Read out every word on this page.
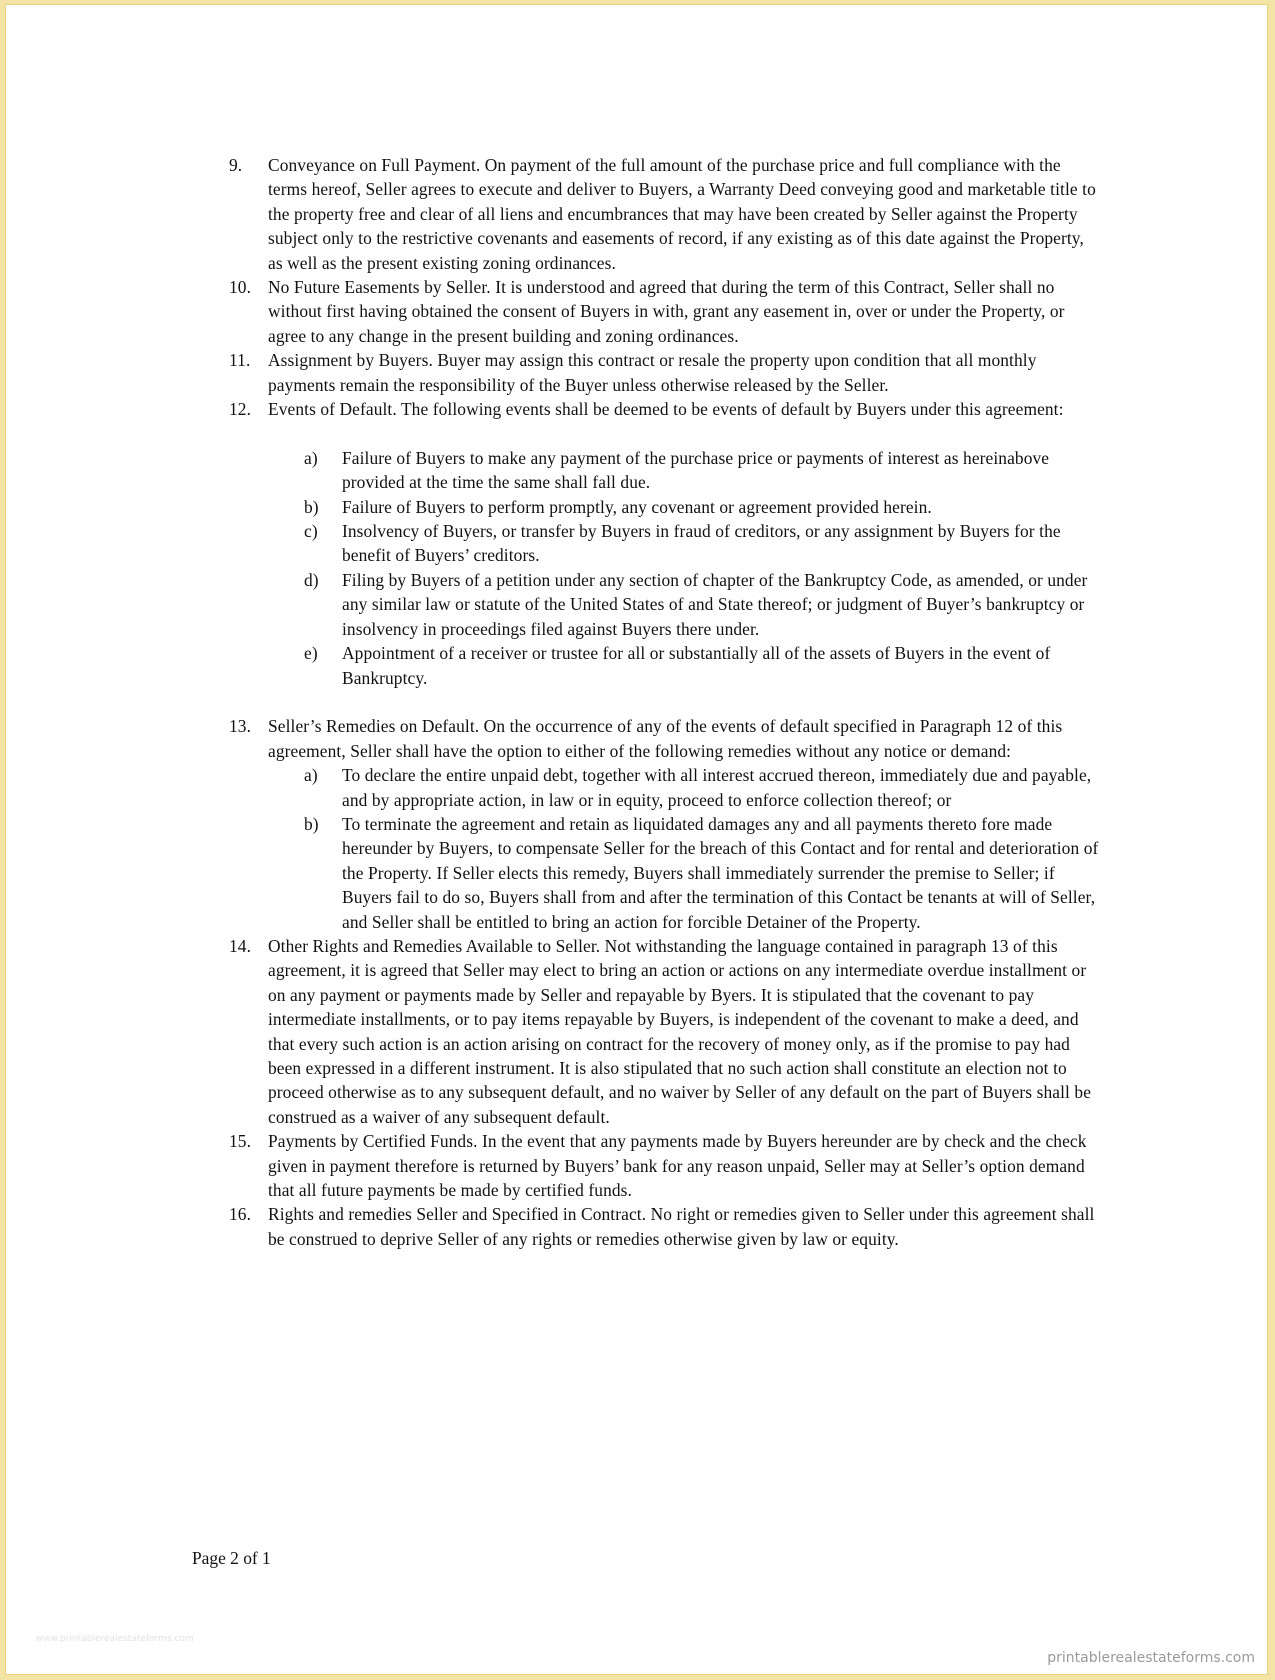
9. Conveyance on Full Payment. On payment of the full amount of the purchase price and full compliance with the terms hereof, Seller agrees to execute and deliver to Buyers, a Warranty Deed conveying good and marketable title to the property free and clear of all liens and encumbrances that may have been created by Seller against the Property subject only to the restrictive covenants and easements of record, if any existing as of this date against the Property, as well as the present existing zoning ordinances.
10. No Future Easements by Seller. It is understood and agreed that during the term of this Contract, Seller shall no without first having obtained the consent of Buyers in with, grant any easement in, over or under the Property, or agree to any change in the present building and zoning ordinances.
11. Assignment by Buyers. Buyer may assign this contract or resale the property upon condition that all monthly payments remain the responsibility of the Buyer unless otherwise released by the Seller.
12. Events of Default. The following events shall be deemed to be events of default by Buyers under this agreement:
a) Failure of Buyers to make any payment of the purchase price or payments of interest as hereinabove provided at the time the same shall fall due.
b) Failure of Buyers to perform promptly, any covenant or agreement provided herein.
c) Insolvency of Buyers, or transfer by Buyers in fraud of creditors, or any assignment by Buyers for the benefit of Buyers’ creditors.
d) Filing by Buyers of a petition under any section of chapter of the Bankruptcy Code, as amended, or under any similar law or statute of the United States of and State thereof; or judgment of Buyer’s bankruptcy or insolvency in proceedings filed against Buyers there under.
e) Appointment of a receiver or trustee for all or substantially all of the assets of Buyers in the event of Bankruptcy.
13. Seller’s Remedies on Default. On the occurrence of any of the events of default specified in Paragraph 12 of this agreement, Seller shall have the option to either of the following remedies without any notice or demand:
a) To declare the entire unpaid debt, together with all interest accrued thereon, immediately due and payable, and by appropriate action, in law or in equity, proceed to enforce collection thereof; or
b) To terminate the agreement and retain as liquidated damages any and all payments thereto fore made hereunder by Buyers, to compensate Seller for the breach of this Contact and for rental and deterioration of the Property. If Seller elects this remedy, Buyers shall immediately surrender the premise to Seller; if Buyers fail to do so, Buyers shall from and after the termination of this Contact be tenants at will of Seller, and Seller shall be entitled to bring an action for forcible Detainer of the Property.
14. Other Rights and Remedies Available to Seller. Not withstanding the language contained in paragraph 13 of this agreement, it is agreed that Seller may elect to bring an action or actions on any intermediate overdue installment or on any payment or payments made by Seller and repayable by Byers. It is stipulated that the covenant to pay intermediate installments, or to pay items repayable by Buyers, is independent of the covenant to make a deed, and that every such action is an action arising on contract for the recovery of money only, as if the promise to pay had been expressed in a different instrument. It is also stipulated that no such action shall constitute an election not to proceed otherwise as to any subsequent default, and no waiver by Seller of any default on the part of Buyers shall be construed as a waiver of any subsequent default.
15. Payments by Certified Funds. In the event that any payments made by Buyers hereunder are by check and the check given in payment therefore is returned by Buyers’ bank for any reason unpaid, Seller may at Seller’s option demand that all future payments be made by certified funds.
16. Rights and remedies Seller and Specified in Contract. No right or remedies given to Seller under this agreement shall be construed to deprive Seller of any rights or remedies otherwise given by law or equity.
Page 2 of 1
www.printablerealestateforms.com
printablerealestateforms.com
